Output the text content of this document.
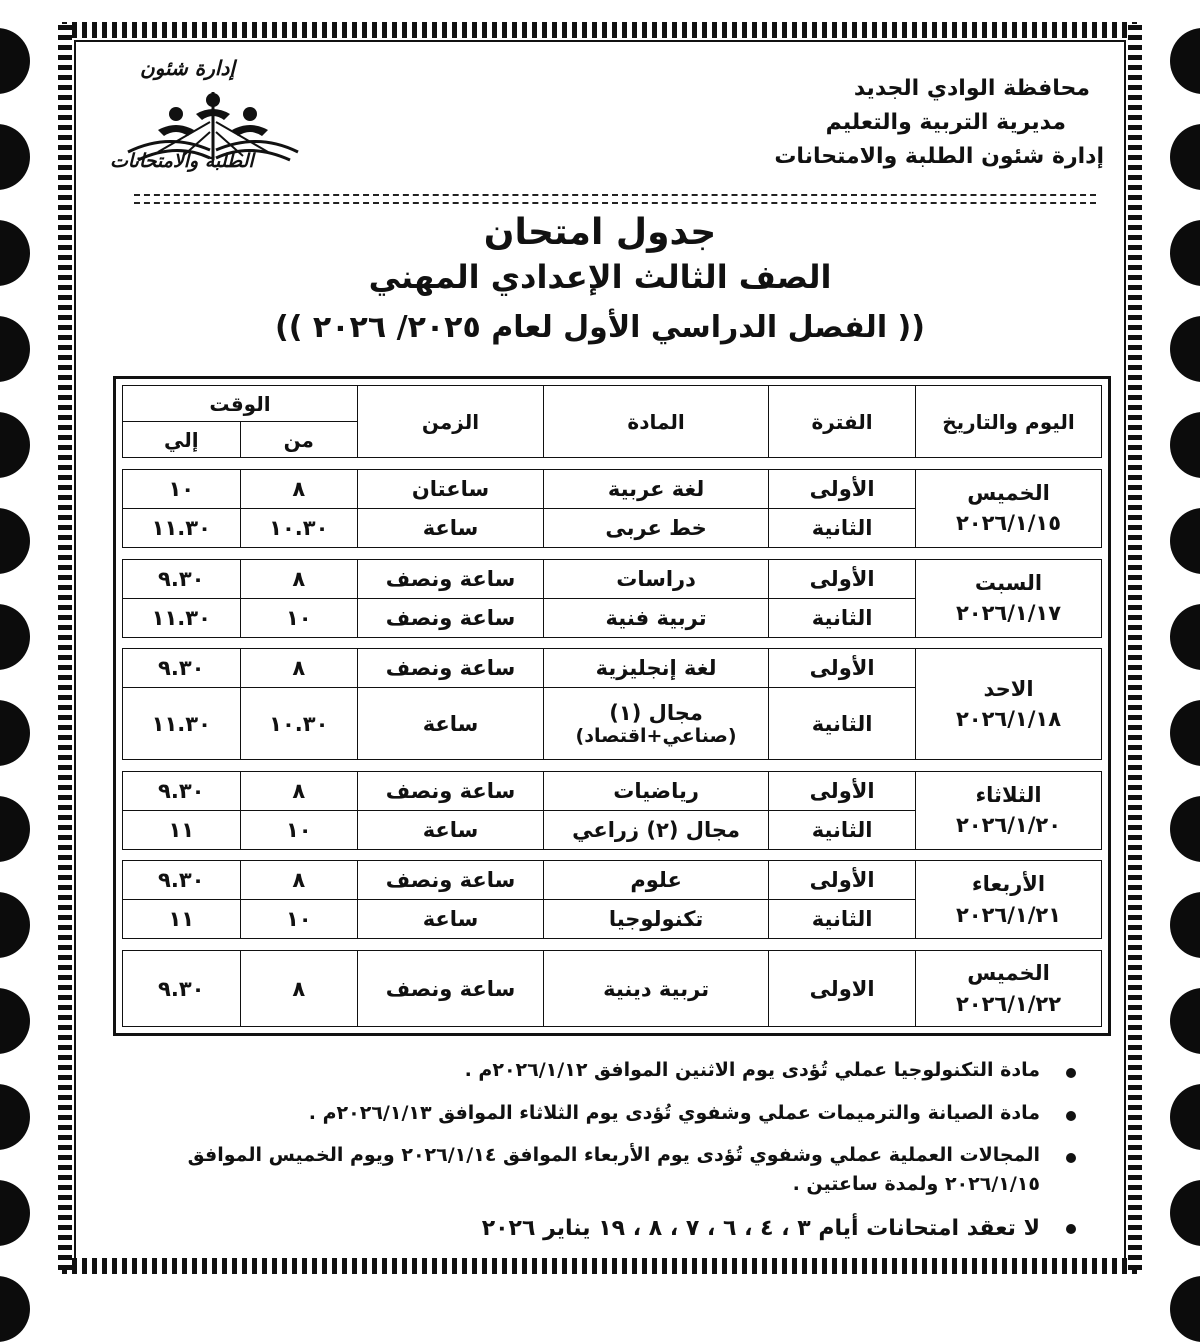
محافظة الوادي الجديد
مديرية التربية والتعليم
إدارة شئون الطلبة والامتحانات
إدارة شئون
الطلبة والامتحانات
جدول امتحان
الصف الثالث الإعدادي المهني
(( الفصل الدراسي الأول لعام ٢٠٢٥/ ٢٠٢٦ ))
اليوم والتاريخ	الفترة	المادة	الزمن	الوقت	
				من	إلي

الخميس
٢٠٢٦/١/١٥	الأولى	لغة عربية	ساعتان	٨	١٠
	الثانية	خط عربى	ساعة	١٠.٣٠	١١.٣٠

السبت
٢٠٢٦/١/١٧	الأولى	دراسات	ساعة ونصف	٨	٩.٣٠
	الثانية	تربية فنية	ساعة ونصف	١٠	١١.٣٠

الاحد
٢٠٢٦/١/١٨	الأولى	لغة إنجليزية	ساعة ونصف	٨	٩.٣٠
	الثانية	مجال (١)
(صناعي+اقتصاد)	ساعة	١٠.٣٠	١١.٣٠

الثلاثاء
٢٠٢٦/١/٢٠	الأولى	رياضيات	ساعة ونصف	٨	٩.٣٠
	الثانية	مجال (٢) زراعي	ساعة	١٠	١١

الأربعاء
٢٠٢٦/١/٢١	الأولى	علوم	ساعة ونصف	٨	٩.٣٠
	الثانية	تكنولوجيا	ساعة	١٠	١١

الخميس
٢٠٢٦/١/٢٢	الاولى	تربية دينية	ساعة ونصف	٨	٩.٣٠
مادة التكنولوجيا عملي تُؤدى يوم الاثنين الموافق ٢٠٢٦/١/١٢م .
مادة الصيانة والترميمات عملي وشفوي تُؤدى يوم الثلاثاء الموافق ٢٠٢٦/١/١٣م .
المجالات العملية عملي وشفوي تُؤدى يوم الأربعاء الموافق ٢٠٢٦/١/١٤ ويوم الخميس الموافق ٢٠٢٦/١/١٥ ولمدة ساعتين .
لا تعقد امتحانات أيام ٣ ، ٤ ، ٦ ، ٧ ، ٨ ، ١٩ يناير ٢٠٢٦
